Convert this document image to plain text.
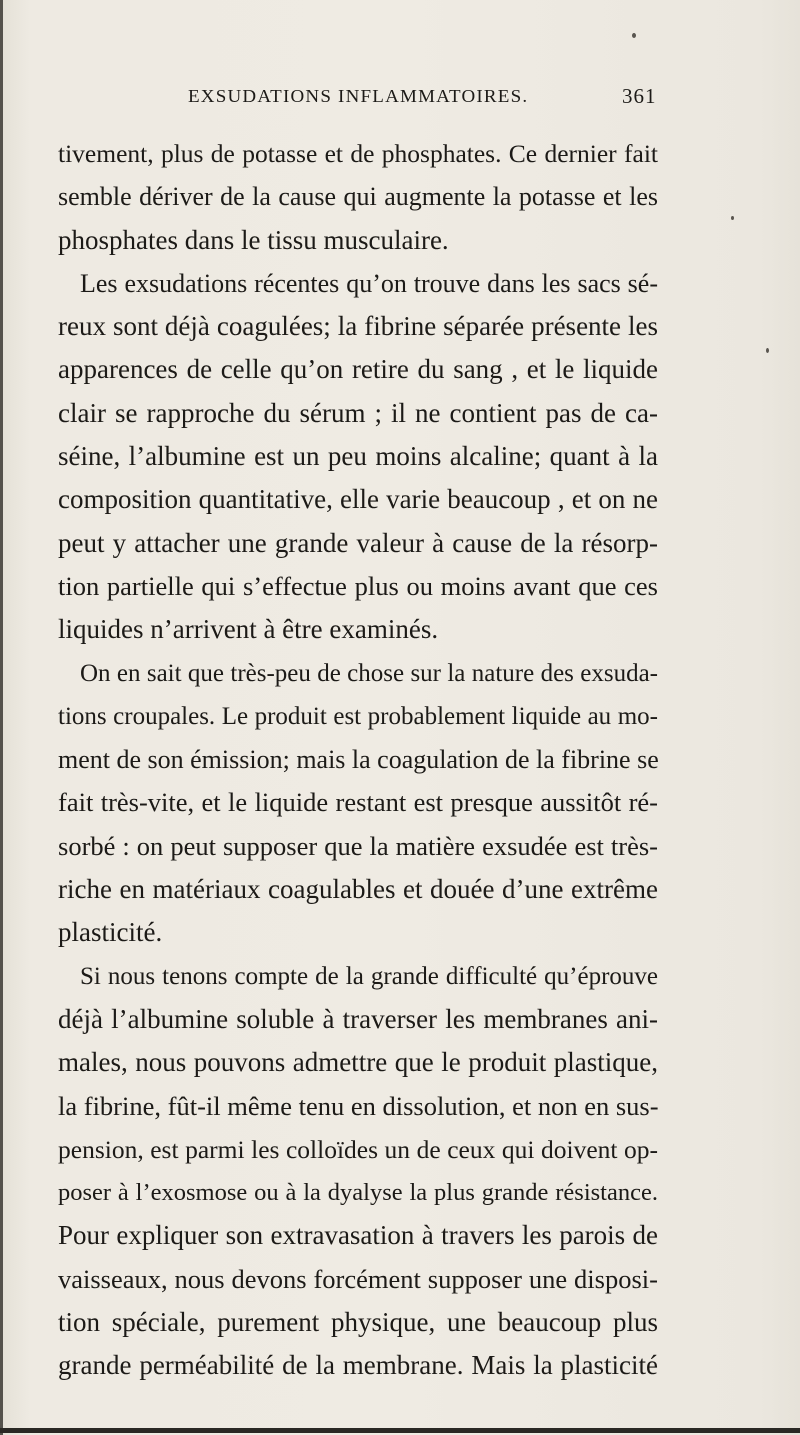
EXSUDATIONS INFLAMMATOIRES.	361
tivement, plus de potasse et de phosphates. Ce dernier fait
semble dériver de la cause qui augmente la potasse et les
phosphates dans le tissu musculaire.
Les exsudations récentes qu’on trouve dans les sacs sé-
reux sont déjà coagulées; la fibrine séparée présente les
apparences de celle qu’on retire du sang , et le liquide
clair se rapproche du sérum ; il ne contient pas de ca-
séine, l’albumine est un peu moins alcaline; quant à la
composition quantitative, elle varie beaucoup , et on ne
peut y attacher une grande valeur à cause de la résorp-
tion partielle qui s’effectue plus ou moins avant que ces
liquides n’arrivent à être examinés.
On en sait que très-peu de chose sur la nature des exsuda-
tions croupales. Le produit est probablement liquide au mo-
ment de son émission; mais la coagulation de la fibrine se
fait très-vite, et le liquide restant est presque aussitôt ré-
sorbé : on peut supposer que la matière exsudée est très-
riche en matériaux coagulables et douée d’une extrême
plasticité.
Si nous tenons compte de la grande difficulté qu’éprouve
déjà l’albumine soluble à traverser les membranes ani-
males, nous pouvons admettre que le produit plastique,
la fibrine, fût-il même tenu en dissolution, et non en sus-
pension, est parmi les colloïdes un de ceux qui doivent op-
poser à l’exosmose ou à la dyalyse la plus grande résistance.
Pour expliquer son extravasation à travers les parois de
vaisseaux, nous devons forcément supposer une disposi-
tion spéciale, purement physique, une beaucoup plus
grande perméabilité de la membrane. Mais la plasticité
